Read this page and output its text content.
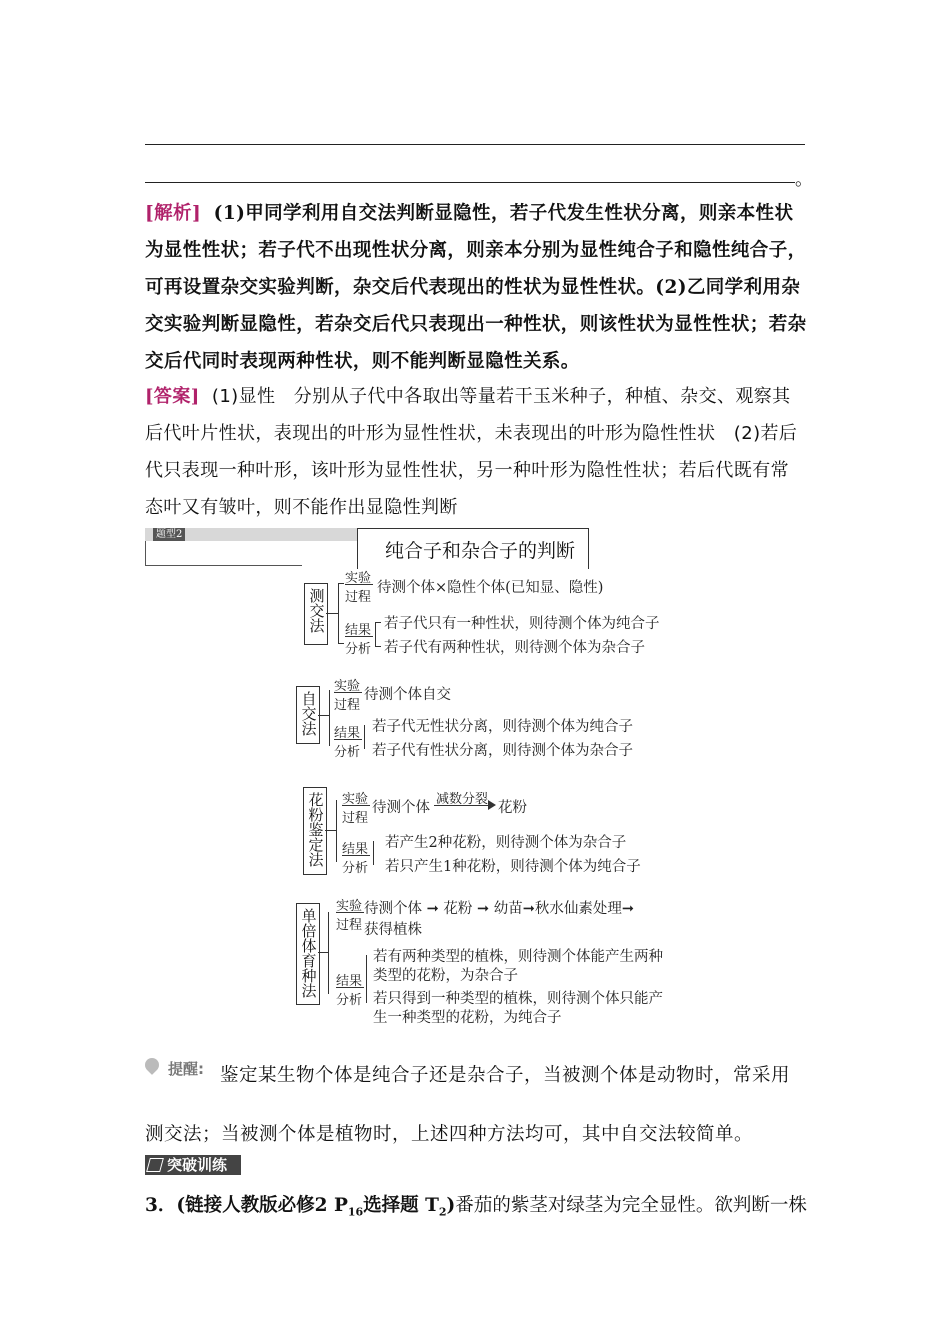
。
[解析] (1)甲同学利用自交法判断显隐性，若子代发生性状分离，则亲本性状为显性性状；若子代不出现性状分离，则亲本分别为显性纯合子和隐性纯合子，可再设置杂交实验判断，杂交后代表现出的性状为显性性状。(2)乙同学利用杂交实验判断显隐性，若杂交后代只表现出一种性状，则该性状为显性性状；若杂交后代同时表现两种性状，则不能判断显隐性关系。
[答案] (1)显性　分别从子代中各取出等量若干玉米种子，种植、杂交、观察其后代叶片性状，表现出的叶形为显性性状，未表现出的叶形为隐性性状　(2)若后代只表现一种叶形，该叶形为显性性状，另一种叶形为隐性性状；若后代既有常态叶又有皱叶，则不能作出显隐性判断
题型2
纯合子和杂合子的判断
测交法
实验
过程
待测个体×隐性个体(已知显、隐性)
结果
分析
若子代只有一种性状，则待测个体为纯合子
若子代有两种性状，则待测个体为杂合子
自交法
实验
过程
待测个体自交
结果
分析
若子代无性状分离，则待测个体为纯合子
若子代有性状分离，则待测个体为杂合子
花粉鉴定法 实验
过程
待测个体
减数分裂
花粉
结果
分析
若产生2种花粉，则待测个体为杂合子
若只产生1种花粉，则待测个体为纯合子
单倍体育种法
实验
过程
待测个体 ➞ 花粉 ➞ 幼苗➞秋水仙素处理➞
获得植株
结果
分析
若有两种类型的植株，则待测个体能产生两种类型的花粉，为杂合子
若只得到一种类型的植株，则待测个体只能产生一种类型的花粉，为纯合子
提醒: 鉴定某生物个体是纯合子还是杂合子，当被测个体是动物时，常采用
测交法；当被测个体是植物时，上述四种方法均可，其中自交法较简单。
突破训练
3．(链接人教版必修2 $P_{16}$选择题 $T_2$)番茄的紫茎对绿茎为完全显性。欲判断一株
